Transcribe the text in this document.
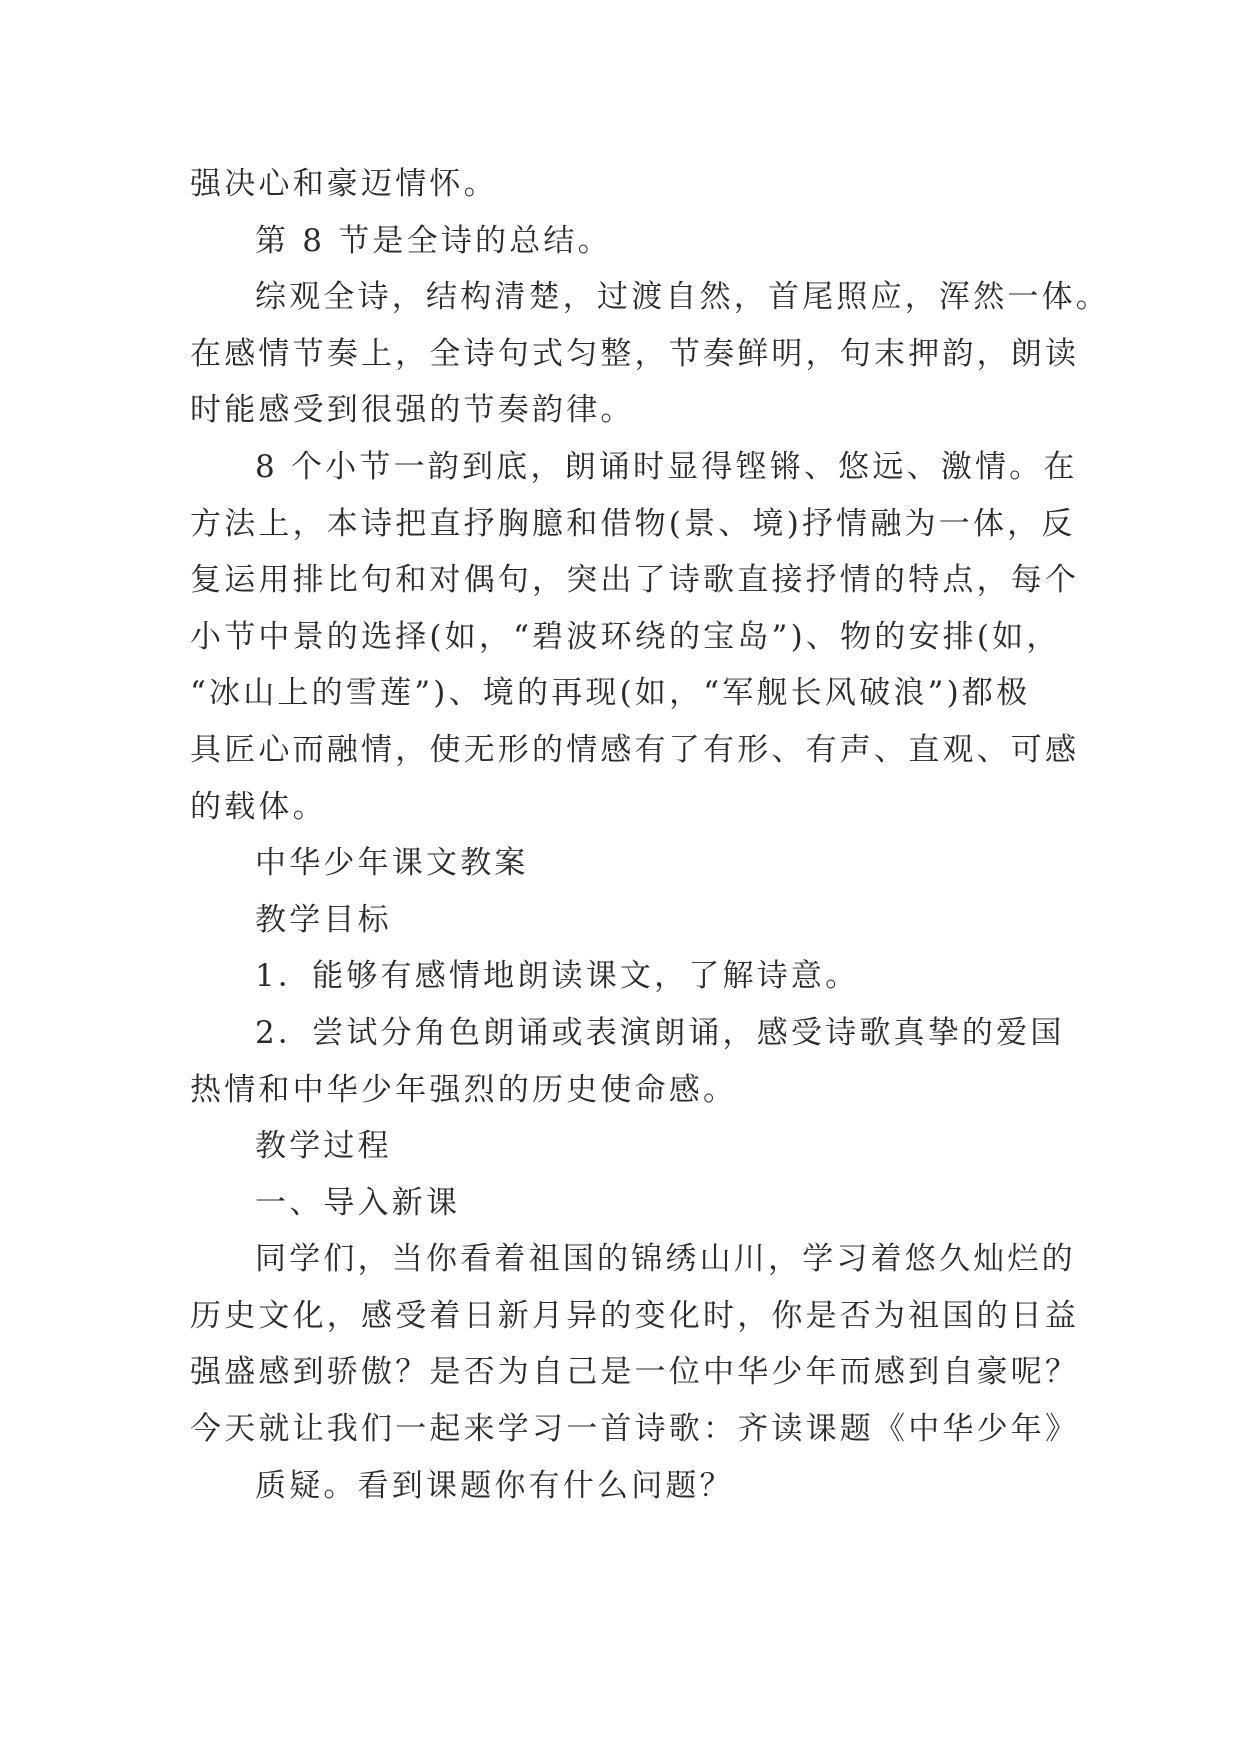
强决心和豪迈情怀。
第 8 节是全诗的总结。
综观全诗，结构清楚，过渡自然，首尾照应，浑然一体。
在感情节奏上，全诗句式匀整，节奏鲜明，句末押韵，朗读
时能感受到很强的节奏韵律。
8 个小节一韵到底，朗诵时显得铿锵、悠远、激情。在
方法上，本诗把直抒胸臆和借物(景、境)抒情融为一体，反
复运用排比句和对偶句，突出了诗歌直接抒情的特点，每个
小节中景的选择(如，“碧波环绕的宝岛”)、物的安排(如，
“冰山上的雪莲”)、境的再现(如，“军舰长风破浪”)都极
具匠心而融情，使无形的情感有了有形、有声、直观、可感
的载体。
中华少年课文教案
教学目标
1．能够有感情地朗读课文，了解诗意。
2．尝试分角色朗诵或表演朗诵，感受诗歌真挚的爱国
热情和中华少年强烈的历史使命感。
教学过程
一、导入新课
同学们，当你看着祖国的锦绣山川，学习着悠久灿烂的
历史文化，感受着日新月异的变化时，你是否为祖国的日益
强盛感到骄傲？是否为自己是一位中华少年而感到自豪呢？
今天就让我们一起来学习一首诗歌：齐读课题《中华少年》
质疑。看到课题你有什么问题？
